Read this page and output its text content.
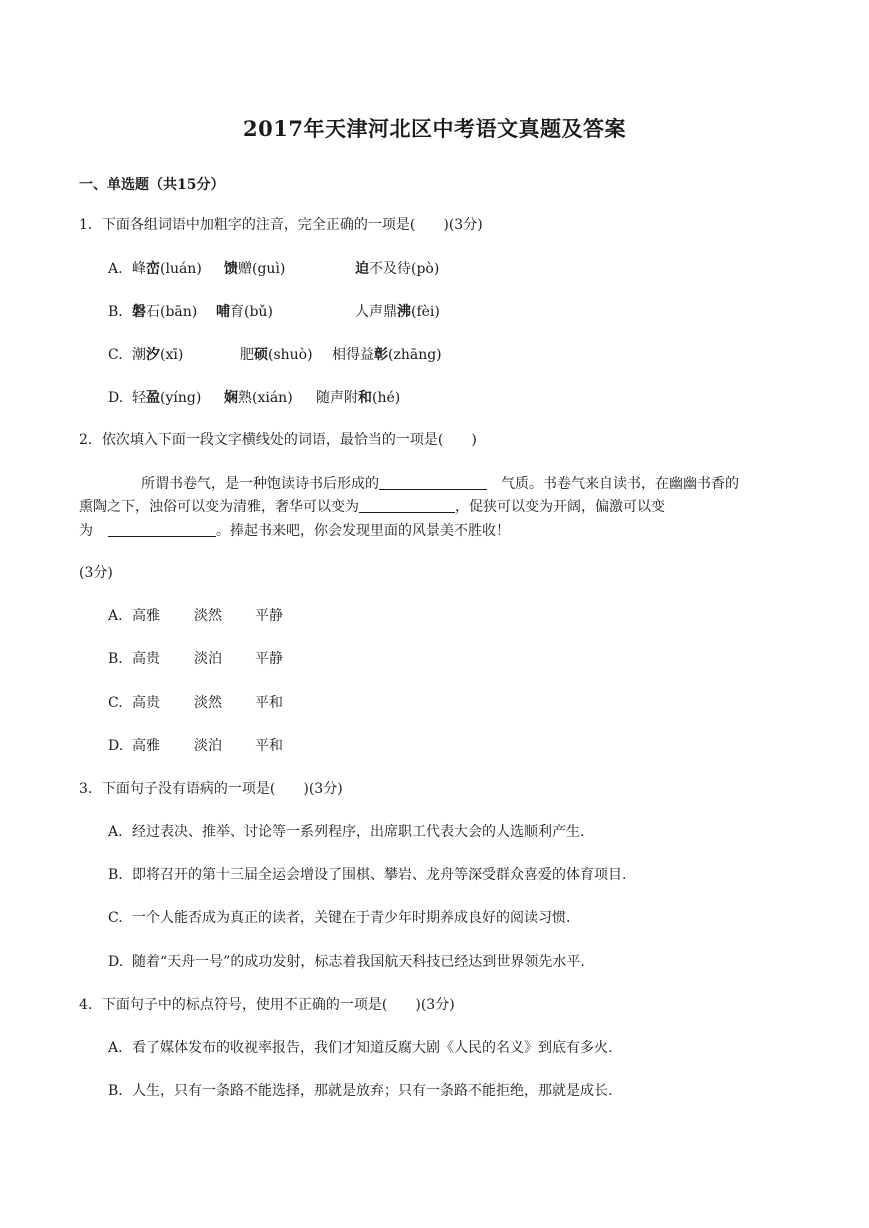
2017年天津河北区中考语文真题及答案
一、单选题（共15分）
1．下面各组词语中加粗字的注音，完全正确的一项是(　　)(3分)
A. 峰峦(luán) 馈赠(guì)	迫不及待(pò)
B. 磐石(bān) 哺育(bǔ)	人声鼎沸(fèi)
C. 潮汐(xī)	肥硕(shuò) 相得益彰(zhāng)
D. 轻盈(yíng) 娴熟(xián) 随声附和(hé)
2．依次填入下面一段文字横线处的词语，最恰当的一项是(　　)
所谓书卷气，是一种饱读诗书后形成的	气质。书卷气来自读书，在幽幽书香的
熏陶之下，浊俗可以变为清雅，奢华可以变为	，促狭可以变为开阔，偏激可以变
为	。捧起书来吧，你会发现里面的风景美不胜收！
(3分)
A. 高雅 淡然 平静
B. 高贵 淡泊 平静
C. 高贵 淡然 平和
D. 高雅 淡泊 平和
3．下面句子没有语病的一项是(　　)(3分)
A. 经过表决、推举、讨论等一系列程序，出席职工代表大会的人选顺利产生.
B. 即将召开的第十三届全运会增设了围棋、攀岩、龙舟等深受群众喜爱的体育项目.
C. 一个人能否成为真正的读者，关键在于青少年时期养成良好的阅读习惯.
D. 随着“天舟一号”的成功发射，标志着我国航天科技已经达到世界领先水平.
4．下面句子中的标点符号，使用不正确的一项是(　　)(3分)
A. 看了媒体发布的收视率报告，我们才知道反腐大剧《人民的名义》到底有多火.
B. 人生，只有一条路不能选择，那就是放弃；只有一条路不能拒绝，那就是成长.
